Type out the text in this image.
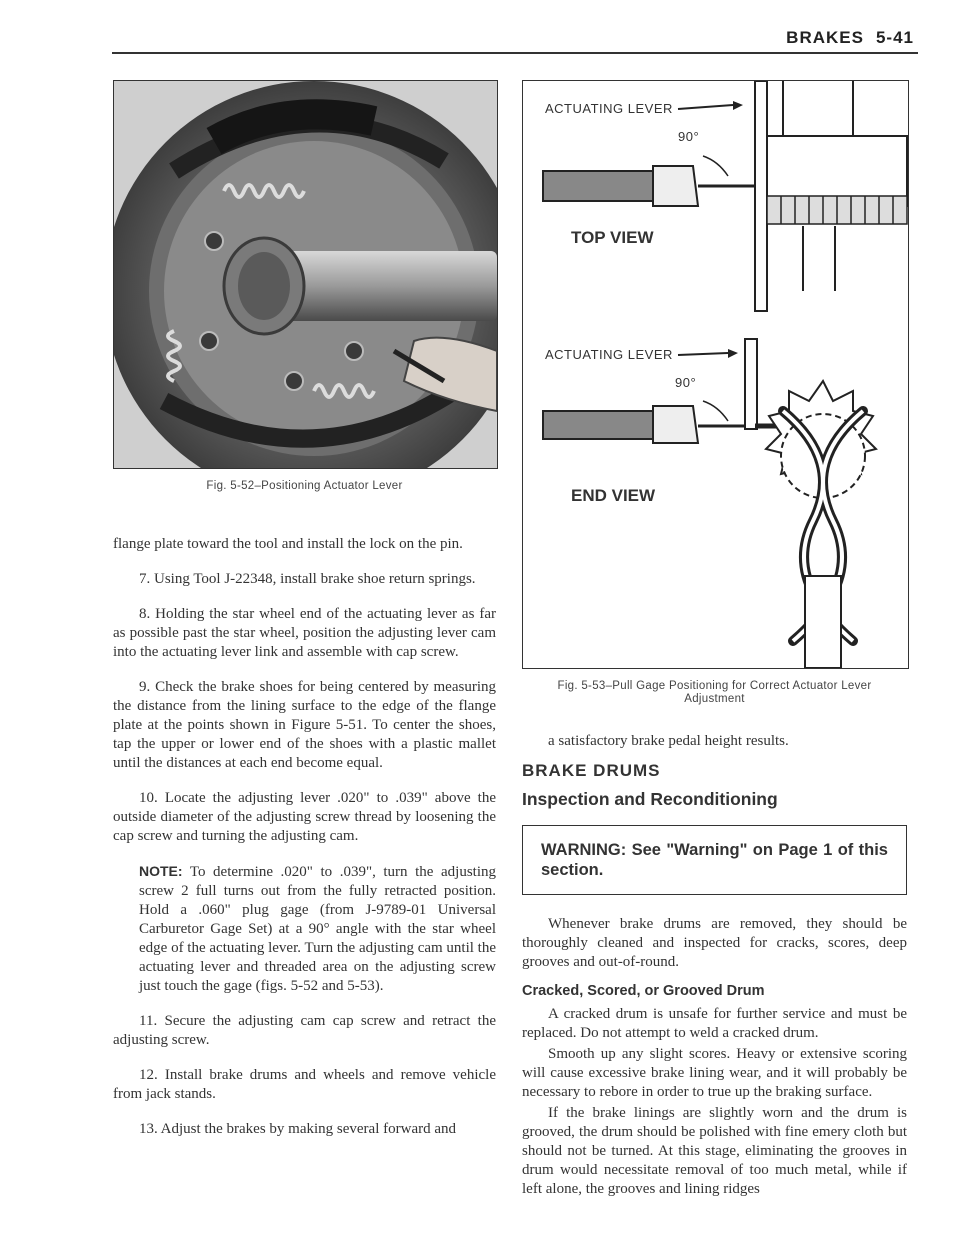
BRAKES 5-41
Fig. 5-52–Positioning Actuator Lever
ACTUATING LEVER
90°
TOP VIEW
ACTUATING LEVER
90°
END VIEW
Fig. 5-53–Pull Gage Positioning for Correct Actuator Lever
Adjustment

flange plate toward the tool and install the lock on the pin.

7. Using Tool J-22348, install brake shoe return springs.

8. Holding the star wheel end of the actuating lever as far as possible past the star wheel, position the adjusting lever cam into the actuating lever link and assemble with cap screw.

9. Check the brake shoes for being centered by measuring the distance from the lining surface to the edge of the flange plate at the points shown in Figure 5-51. To center the shoes, tap the upper or lower end of the shoes with a plastic mallet until the distances at each end become equal.

10. Locate the adjusting lever .020" to .039" above the outside diameter of the adjusting screw thread by loosening the cap screw and turning the adjusting cam.

NOTE: To determine .020" to .039", turn the adjusting screw 2 full turns out from the fully retracted position. Hold a .060" plug gage (from J-9789-01 Universal Carburetor Gage Set) at a 90° angle with the star wheel edge of the actuating lever. Turn the adjusting cam until the actuating lever and threaded area on the adjusting screw just touch the gage (figs. 5-52 and 5-53).

11. Secure the adjusting cam cap screw and retract the adjusting screw.

12. Install brake drums and wheels and remove vehicle from jack stands.

13. Adjust the brakes by making several forward and

a satisfactory brake pedal height results.

BRAKE DRUMS
Inspection and Reconditioning
WARNING: See "Warning" on Page 1 of this section.

Whenever brake drums are removed, they should be thoroughly cleaned and inspected for cracks, scores, deep grooves and out-of-round.

Cracked, Scored, or Grooved Drum

A cracked drum is unsafe for further service and must be replaced. Do not attempt to weld a cracked drum.

Smooth up any slight scores. Heavy or extensive scoring will cause excessive brake lining wear, and it will probably be necessary to rebore in order to true up the braking surface.

If the brake linings are slightly worn and the drum is grooved, the drum should be polished with fine emery cloth but should not be turned. At this stage, eliminating the grooves in drum would necessitate removal of too much metal, while if left alone, the grooves and lining ridges
